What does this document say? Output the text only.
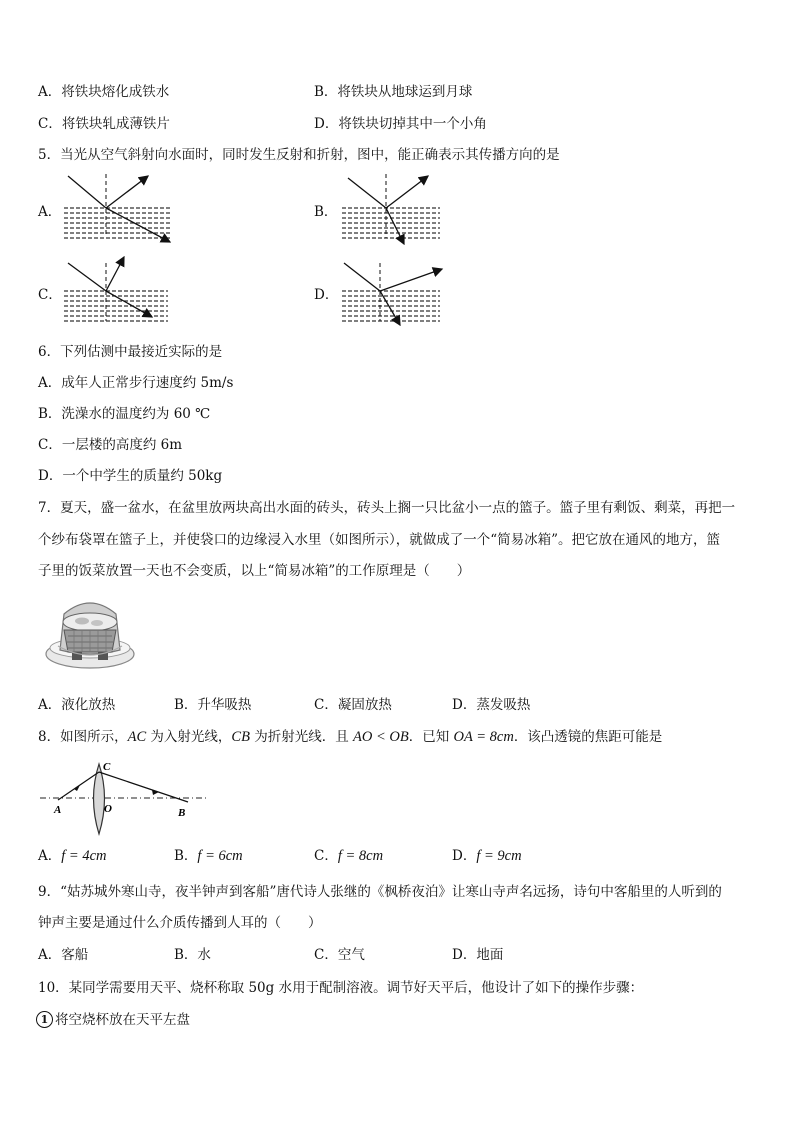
A．将铁块熔化成铁水	B．将铁块从地球运到月球
C．将铁块轧成薄铁片	D．将铁块切掉其中一个小角
5．当光从空气斜射向水面时，同时发生反射和折射，图中，能正确表示其传播方向的是
A．	B．
C．	D．
6．下列估测中最接近实际的是
A．成年人正常步行速度约 5m/s
B．洗澡水的温度约为 60 ℃
C．一层楼的高度约 6m
D．一个中学生的质量约 50kg
7．夏天，盛一盆水，在盆里放两块高出水面的砖头，砖头上搁一只比盆小一点的篮子。篮子里有剩饭、剩菜，再把一
个纱布袋罩在篮子上，并使袋口的边缘浸入水里（如图所示），就做成了一个“简易冰箱”。把它放在通风的地方，篮
子里的饭菜放置一天也不会变质，以上“简易冰箱”的工作原理是（　　）
A．液化放热	B．升华吸热	C．凝固放热	D．蒸发吸热
8．如图所示，AC 为入射光线，CB 为折射光线．且 AO < OB．已知 OA = 8cm．该凸透镜的焦距可能是
C
A	O	B
A．f = 4cm	B．f = 6cm	C．f = 8cm	D．f = 9cm
9．“姑苏城外寒山寺，夜半钟声到客船”唐代诗人张继的《枫桥夜泊》让寒山寺声名远扬，诗句中客船里的人听到的
钟声主要是通过什么介质传播到人耳的（　　）
A．客船	B．水	C．空气	D．地面
10．某同学需要用天平、烧杯称取 50g 水用于配制溶液。调节好天平后，他设计了如下的操作步骤：
1 将空烧杯放在天平左盘
